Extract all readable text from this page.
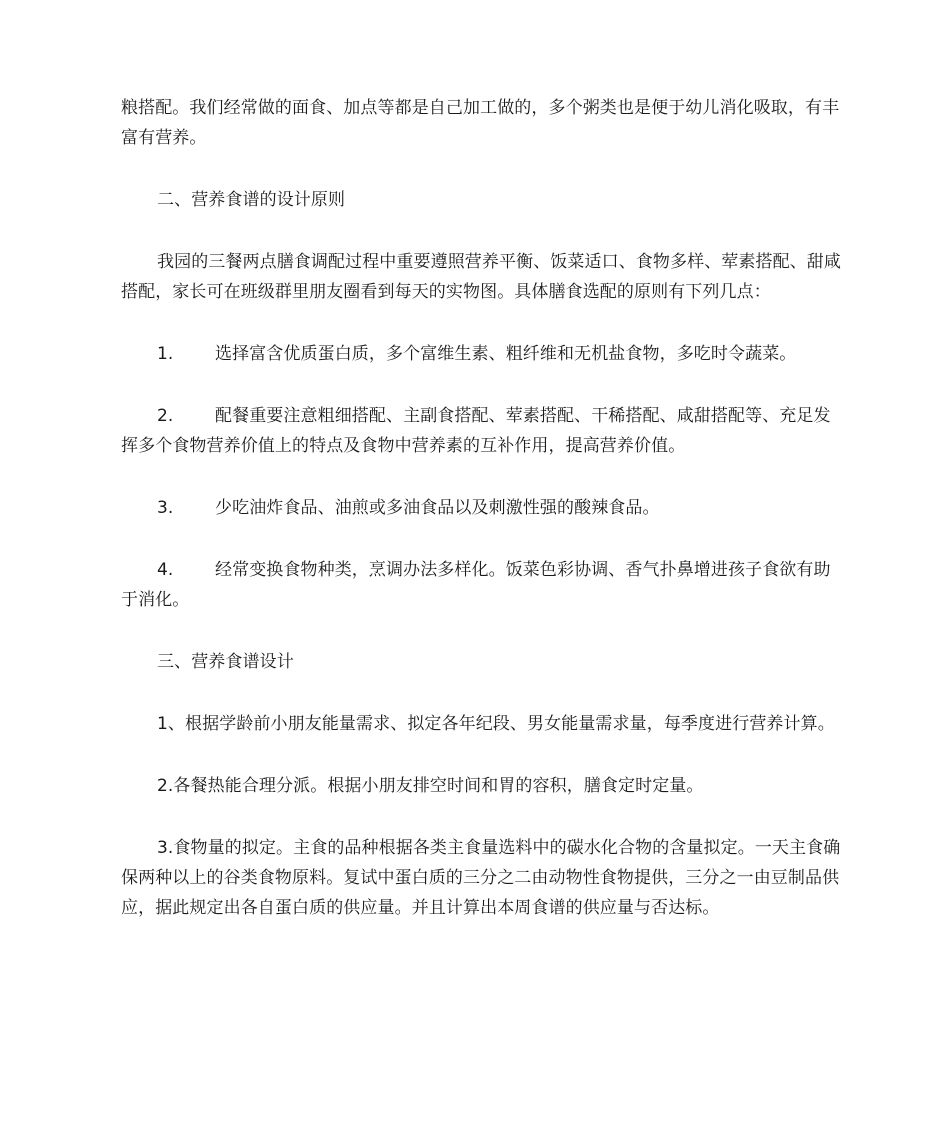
粮搭配。我们经常做的面食、加点等都是自己加工做的，多个粥类也是便于幼儿消化吸取，有丰富有营养。

二、营养食谱的设计原则

我园的三餐两点膳食调配过程中重要遵照营养平衡、饭菜适口、食物多样、荤素搭配、甜咸搭配，家长可在班级群里朋友圈看到每天的实物图。具体膳食选配的原则有下列几点：

1. 选择富含优质蛋白质，多个富维生素、粗纤维和无机盐食物，多吃时令蔬菜。

2. 配餐重要注意粗细搭配、主副食搭配、荤素搭配、干稀搭配、咸甜搭配等、充足发挥多个食物营养价值上的特点及食物中营养素的互补作用，提高营养价值。

3. 少吃油炸食品、油煎或多油食品以及刺激性强的酸辣食品。

4. 经常变换食物种类，烹调办法多样化。饭菜色彩协调、香气扑鼻增进孩子食欲有助于消化。

三、营养食谱设计

1、根据学龄前小朋友能量需求、拟定各年纪段、男女能量需求量，每季度进行营养计算。

2.各餐热能合理分派。根据小朋友排空时间和胃的容积，膳食定时定量。

3.食物量的拟定。主食的品种根据各类主食量选料中的碳水化合物的含量拟定。一天主食确保两种以上的谷类食物原料。复试中蛋白质的三分之二由动物性食物提供，三分之一由豆制品供应，据此规定出各自蛋白质的供应量。并且计算出本周食谱的供应量与否达标。
